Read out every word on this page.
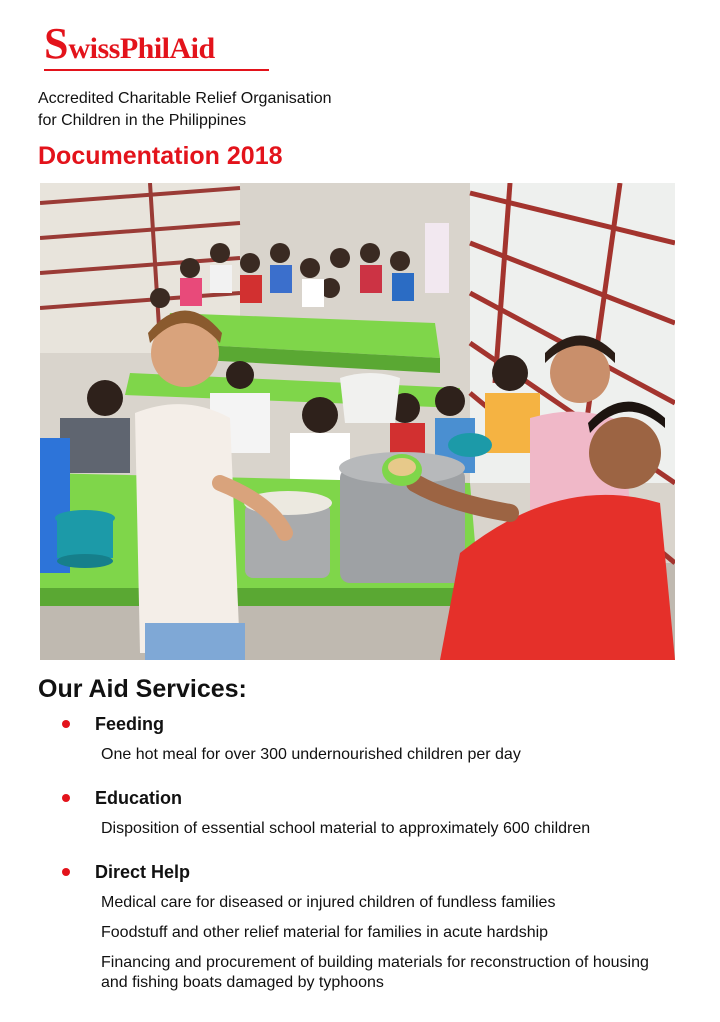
SwissPhilAid
Accredited Charitable Relief Organisation
for Children in the Philippines
Documentation 2018
Our Aid Services:
Feeding
One hot meal for over 300 undernourished children per day
Education
Disposition of essential school material to approximately 600 children
Direct Help
Medical care for diseased or injured children of fundless families
Foodstuff and other relief material for families in acute hardship
Financing and procurement of building materials for reconstruction of housing and fishing boats damaged by typhoons
